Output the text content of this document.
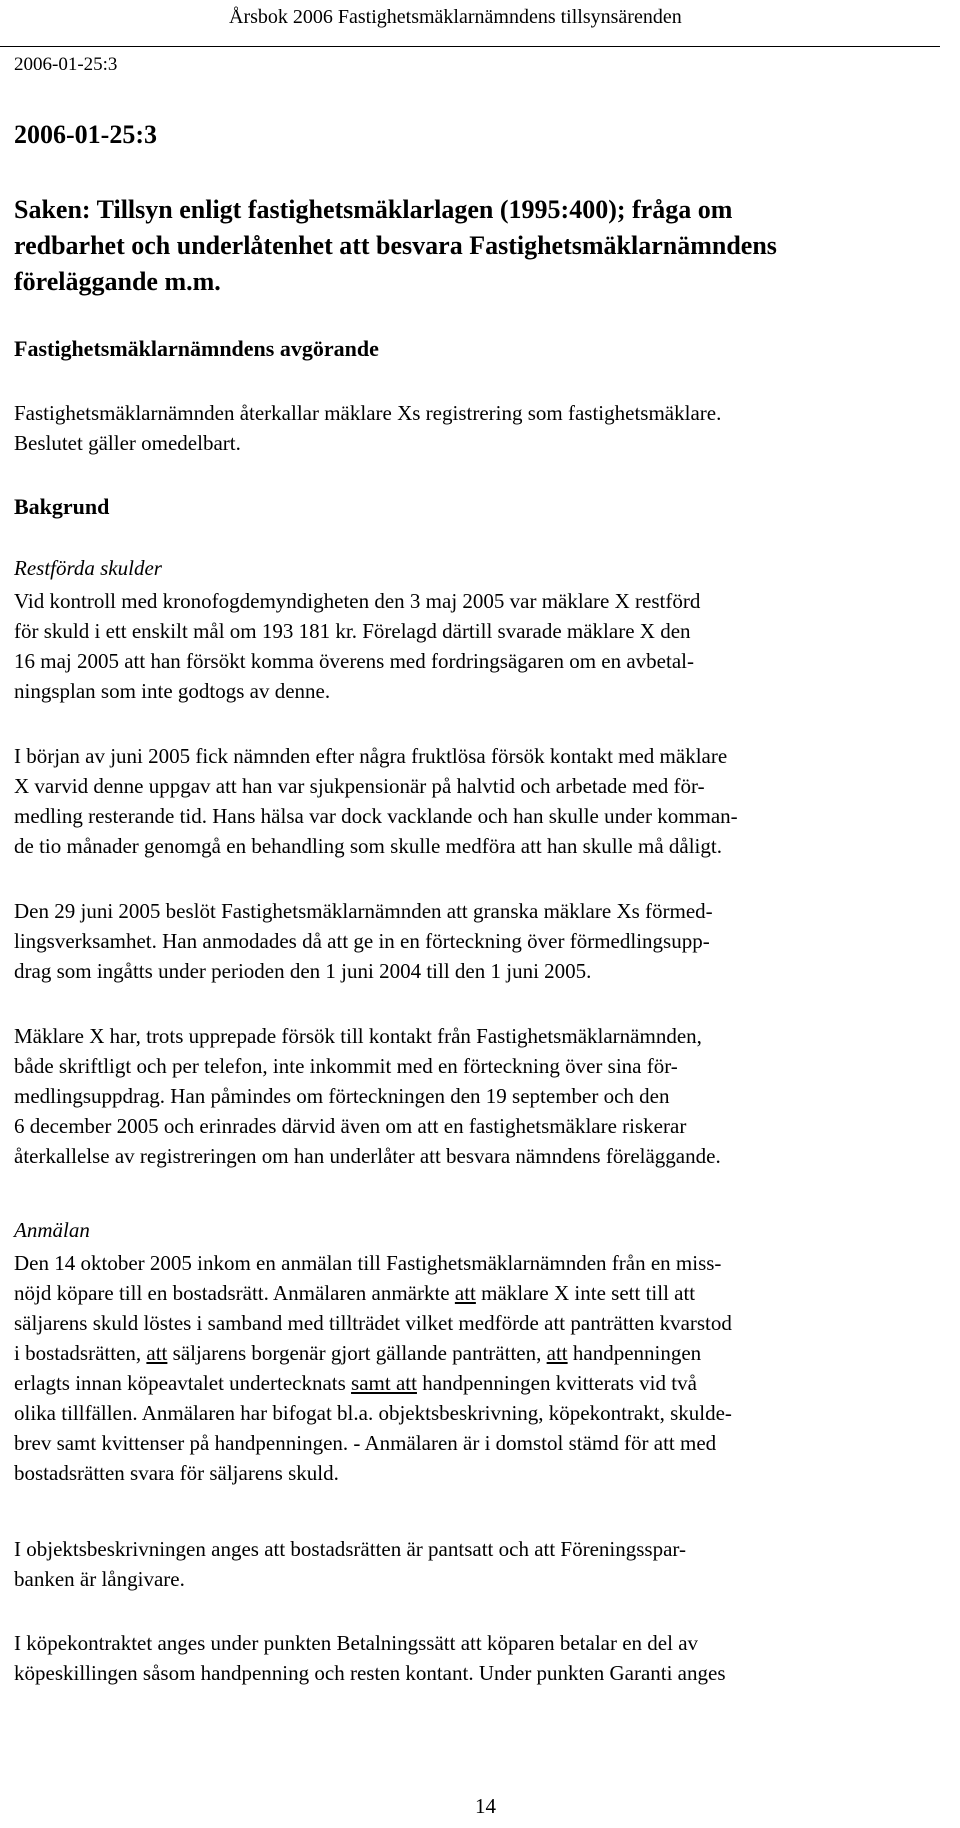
Årsbok 2006 Fastighetsmäklarnämndens tillsynsärenden
2006-01-25:3
2006-01-25:3
Saken: Tillsyn enligt fastighetsmäklarlagen (1995:400); fråga om
redbarhet och underlåtenhet att besvara Fastighetsmäklarnämndens
föreläggande m.m.
Fastighetsmäklarnämndens avgörande

Fastighetsmäklarnämnden återkallar mäklare Xs registrering som fastighetsmäklare.

Beslutet gäller omedelbart.

Bakgrund
Restförda skulder

Vid kontroll med kronofogdemyndigheten den 3 maj 2005 var mäklare X restförd

för skuld i ett enskilt mål om 193 181 kr. Förelagd därtill svarade mäklare X den

16 maj 2005 att han försökt komma överens med fordringsägaren om en avbetal-

ningsplan som inte godtogs av denne.

I början av juni 2005 fick nämnden efter några fruktlösa försök kontakt med mäklare

X varvid denne uppgav att han var sjukpensionär på halvtid och arbetade med för-

medling resterande tid. Hans hälsa var dock vacklande och han skulle under komman-

de tio månader genomgå en behandling som skulle medföra att han skulle må dåligt.

Den 29 juni 2005 beslöt Fastighetsmäklarnämnden att granska mäklare Xs förmed-

lingsverksamhet. Han anmodades då att ge in en förteckning över förmedlingsupp-

drag som ingåtts under perioden den 1 juni 2004 till den 1 juni 2005.

Mäklare X har, trots upprepade försök till kontakt från Fastighetsmäklarnämnden,

både skriftligt och per telefon, inte inkommit med en förteckning över sina för-

medlingsuppdrag. Han påmindes om förteckningen den 19 september och den

6 december 2005 och erinrades därvid även om att en fastighetsmäklare riskerar

återkallelse av registreringen om han underlåter att besvara nämndens föreläggande.

Anmälan

Den 14 oktober 2005 inkom en anmälan till Fastighetsmäklarnämnden från en miss-

nöjd köpare till en bostadsrätt. Anmälaren anmärkte att mäklare X inte sett till att

säljarens skuld löstes i samband med tillträdet vilket medförde att panträtten kvarstod

i bostadsrätten, att säljarens borgenär gjort gällande panträtten, att handpenningen

erlagts innan köpeavtalet undertecknats samt att handpenningen kvitterats vid två

olika tillfällen. Anmälaren har bifogat bl.a. objektsbeskrivning, köpekontrakt, skulde-

brev samt kvittenser på handpenningen. - Anmälaren är i domstol stämd för att med

bostadsrätten svara för säljarens skuld.

I objektsbeskrivningen anges att bostadsrätten är pantsatt och att Föreningsspar-

banken är långivare.

I köpekontraktet anges under punkten Betalningssätt att köparen betalar en del av

köpeskillingen såsom handpenning och resten kontant. Under punkten Garanti anges

14
